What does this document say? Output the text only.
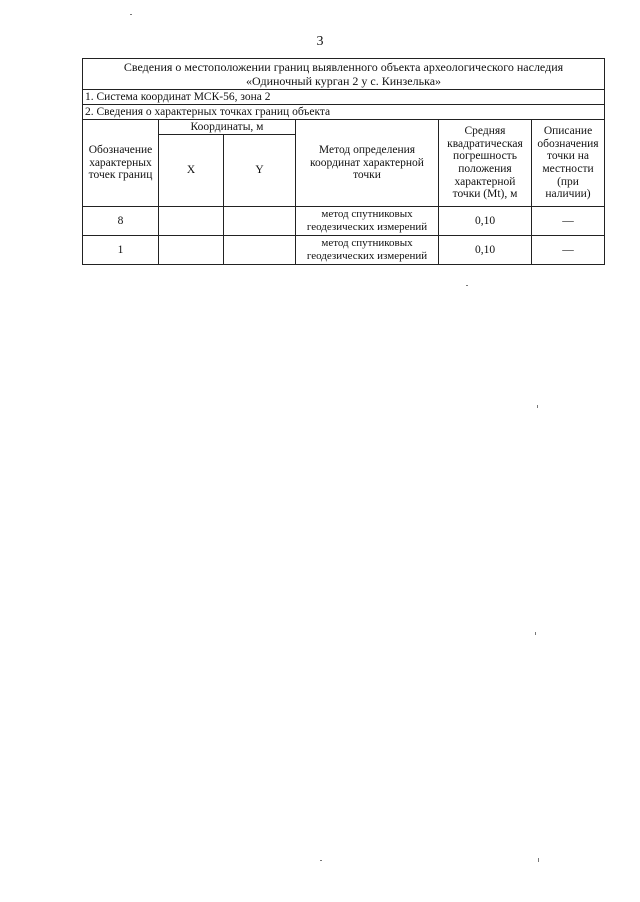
3
Сведения о местоположении границ выявленного объекта археологического наследия
«Одиночный курган 2 у с. Кинзелька»					

1. Система координат МСК-56, зона 2					
2. Сведения о характерных точках границ объекта					
Обозначение характерных точек границ	Координаты, м		Метод определения координат характерной точки	Средняя квадратическая погрешность положения характерной точки (Mt), м	Описание обозначения точки на местности (при наличии)
	X	Y			
8			метод спутниковых геодезических измерений	0,10	—
1			метод спутниковых геодезических измерений	0,10	—
